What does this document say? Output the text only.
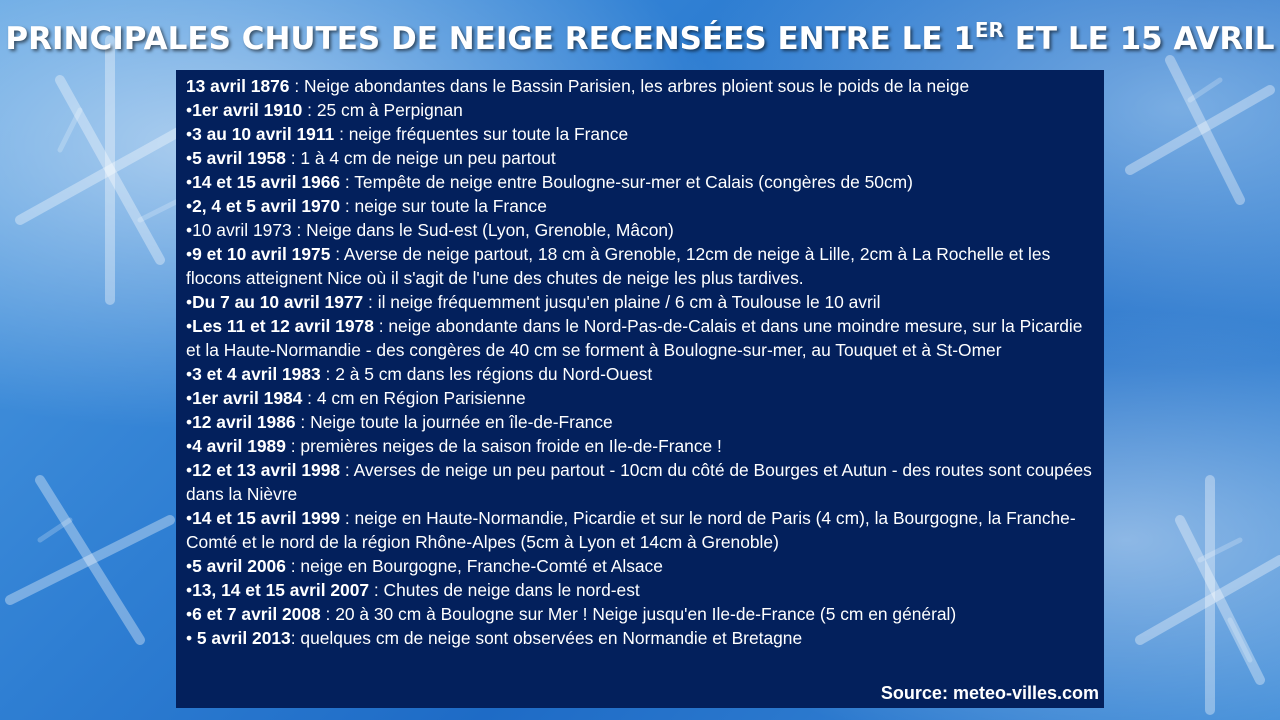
PRINCIPALES CHUTES DE NEIGE RECENSÉES ENTRE LE 1ER ET LE 15 AVRIL
13 avril 1876 : Neige abondantes dans le Bassin Parisien, les arbres ploient sous le poids de la neige
•1er avril 1910 : 25 cm à Perpignan
•3 au 10 avril 1911 : neige fréquentes sur toute la France
•5 avril 1958 : 1 à 4 cm de neige un peu partout
•14 et 15 avril 1966 : Tempête de neige entre Boulogne-sur-mer et Calais (congères de 50cm)
•2, 4 et 5 avril 1970 : neige sur toute la France
•10 avril 1973 : Neige dans le Sud-est (Lyon, Grenoble, Mâcon)
•9 et 10 avril 1975 : Averse de neige partout, 18 cm à Grenoble, 12cm de neige à Lille, 2cm à La Rochelle et les flocons atteignent Nice où il s'agit de l'une des chutes de neige les plus tardives.
•Du 7 au 10 avril 1977 : il neige fréquemment jusqu'en plaine / 6 cm à Toulouse le 10 avril
•Les 11 et 12 avril 1978 : neige abondante dans le Nord-Pas-de-Calais et dans une moindre mesure, sur la Picardie et la Haute-Normandie - des congères de 40 cm se forment à Boulogne-sur-mer, au Touquet et à St-Omer
•3 et 4 avril 1983 : 2 à 5 cm dans les régions du Nord-Ouest
•1er avril 1984 : 4 cm en Région Parisienne
•12 avril 1986 : Neige toute la journée en île-de-France
•4 avril 1989 : premières neiges de la saison froide en Ile-de-France !
•12 et 13 avril 1998 : Averses de neige un peu partout - 10cm du côté de Bourges et Autun - des routes sont coupées dans la Nièvre
•14 et 15 avril 1999 : neige en Haute-Normandie, Picardie et sur le nord de Paris (4 cm), la Bourgogne, la Franche-Comté et le nord de la région Rhône-Alpes (5cm à Lyon et 14cm à Grenoble)
•5 avril 2006 : neige en Bourgogne, Franche-Comté et Alsace
•13, 14 et 15 avril 2007 : Chutes de neige dans le nord-est
•6 et 7 avril 2008 : 20 à 30 cm à Boulogne sur Mer ! Neige jusqu'en Ile-de-France (5 cm en général)
• 5 avril 2013: quelques cm de neige sont observées en Normandie et Bretagne
Source: meteo-villes.com
